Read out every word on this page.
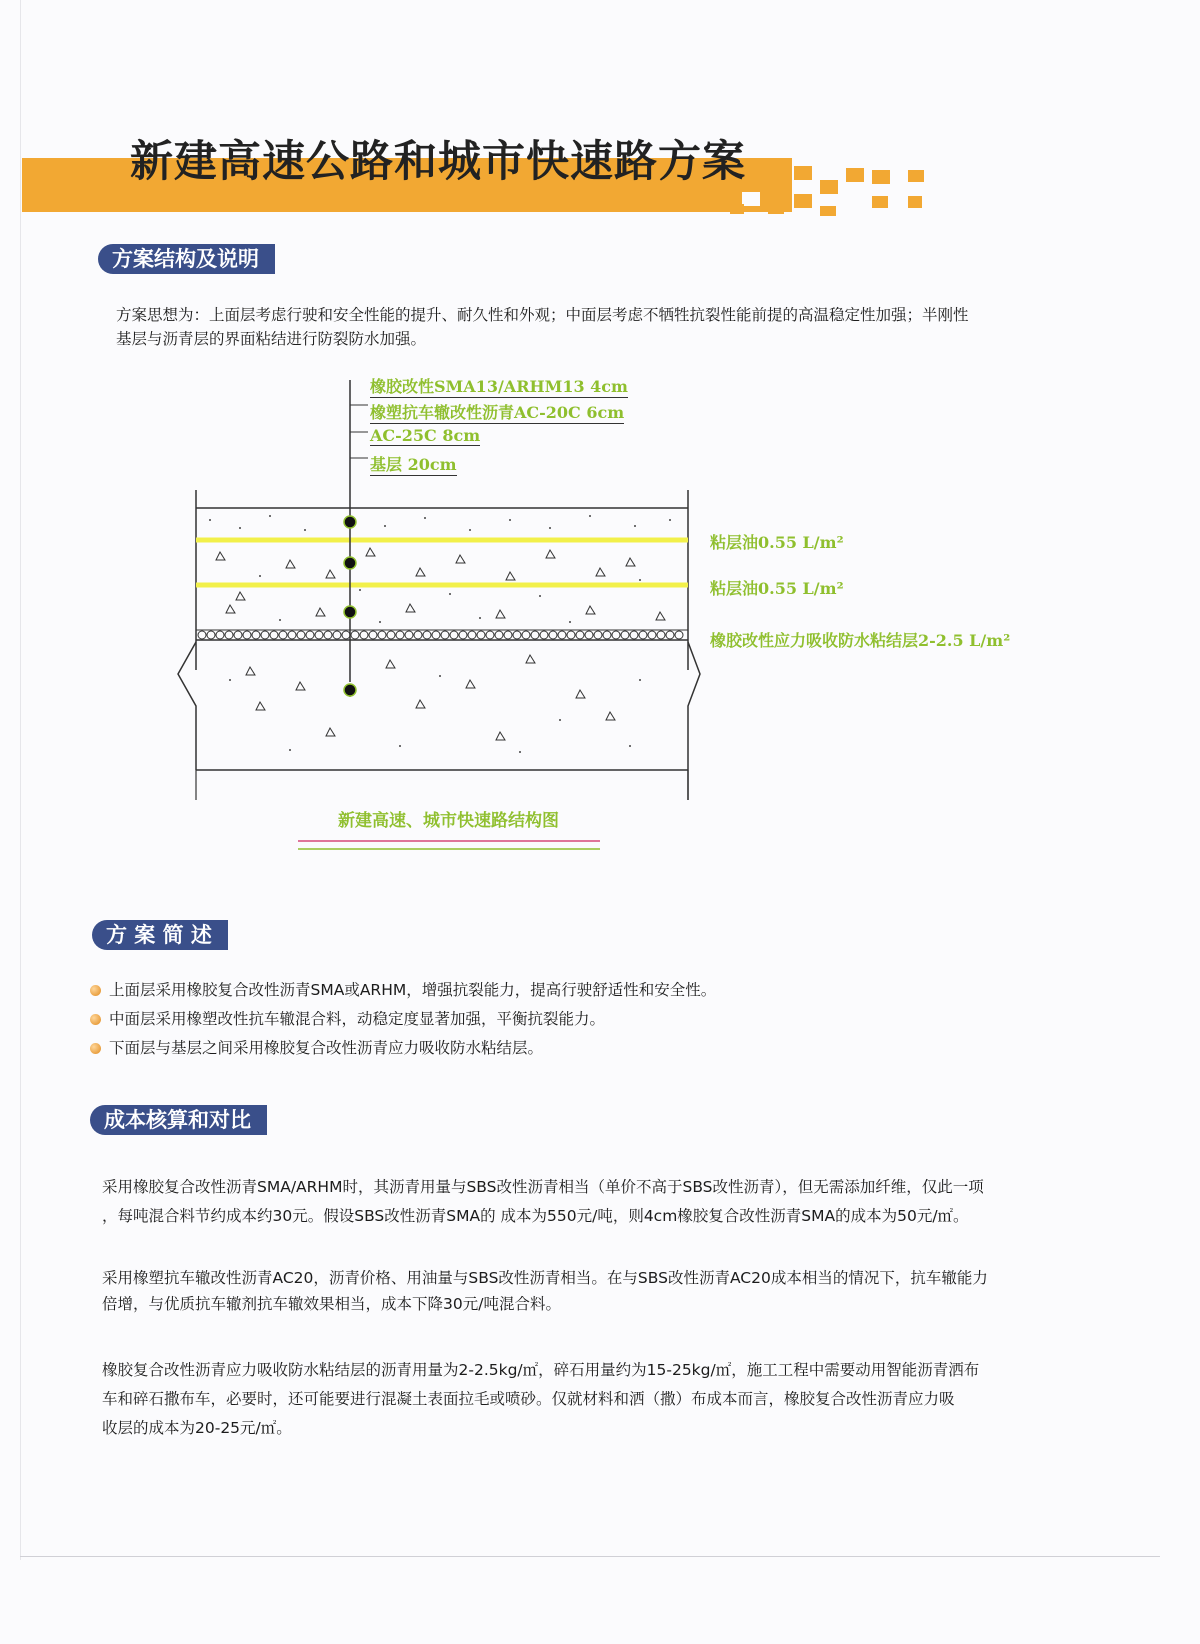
新建高速公路和城市快速路方案
方案结构及说明

方案思想为：上面层考虑行驶和安全性能的提升、耐久性和外观；中面层考虑不牺牲抗裂性能前提的高温稳定性加强；半刚性

基层与沥青层的界面粘结进行防裂防水加强。

橡胶改性SMA13/ARHM13 4cm
橡塑抗车辙改性沥青AC-20C 6cm
AC-25C 8cm
基层 20cm
粘层油0.55 L/m²
粘层油0.55 L/m²
橡胶改性应力吸收防水粘结层2-2.5 L/m²
新建高速、城市快速路结构图
方 案 简 述
上面层采用橡胶复合改性沥青SMA或ARHM，增强抗裂能力，提高行驶舒适性和安全性。
中面层采用橡塑改性抗车辙混合料，动稳定度显著加强，平衡抗裂能力。
下面层与基层之间采用橡胶复合改性沥青应力吸收防水粘结层。
成本核算和对比

采用橡胶复合改性沥青SMA/ARHM时，其沥青用量与SBS改性沥青相当（单价不高于SBS改性沥青），但无需添加纤维，仅此一项

，每吨混合料节约成本约30元。假设SBS改性沥青SMA的 成本为550元/吨，则4cm橡胶复合改性沥青SMA的成本为50元/㎡。

采用橡塑抗车辙改性沥青AC20，沥青价格、用油量与SBS改性沥青相当。在与SBS改性沥青AC20成本相当的情况下，抗车辙能力

倍增，与优质抗车辙剂抗车辙效果相当，成本下降30元/吨混合料。

橡胶复合改性沥青应力吸收防水粘结层的沥青用量为2-2.5kg/㎡，碎石用量约为15-25kg/㎡，施工工程中需要动用智能沥青洒布

车和碎石撒布车，必要时，还可能要进行混凝土表面拉毛或喷砂。仅就材料和洒（撒）布成本而言，橡胶复合改性沥青应力吸

收层的成本为20-25元/㎡。
